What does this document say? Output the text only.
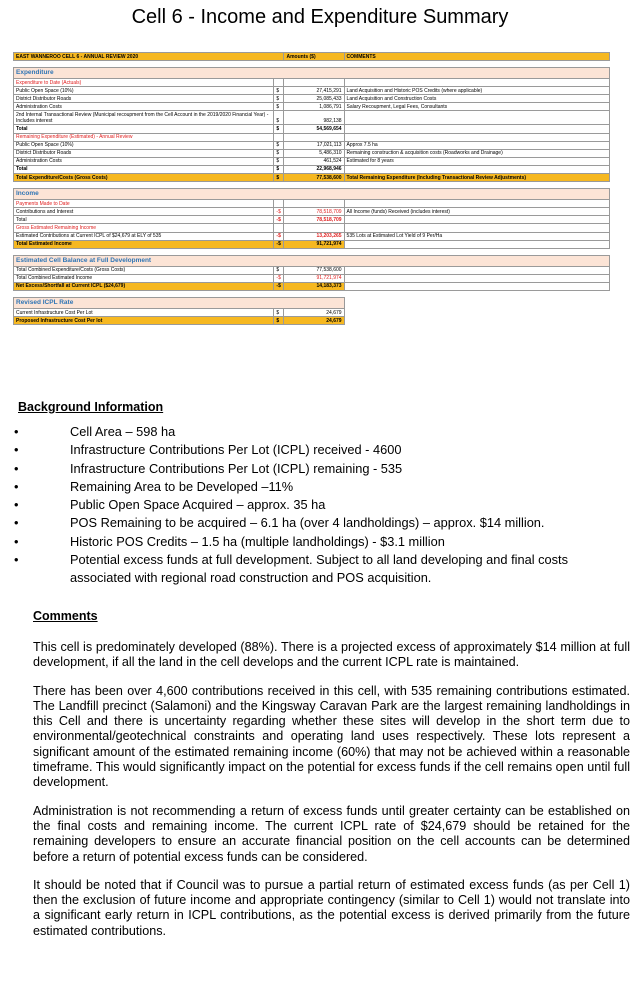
Cell 6 - Income and Expenditure Summary
EAST WANNEROO CELL 6 - ANNUAL REVIEW 2020		Amounts ($)	COMMENTS

Expenditure			
Expenditure to Date (Actuals)			
Public Open Space (10%)	$	27,415,291	Land Acquisition and Historic POS Credits (where applicable)
District Distributor Roads	$	25,085,433	Land Acquisition and Construction Costs
Administration Costs	$	1,086,791	Salary Recoupment, Legal Fees, Consultants
2nd Internal Transactional Review (Municipal recoupment from the Cell Account in the 2019/2020 Financial Year) - Includes interest	$	982,138	
Total	$	54,569,654	
Remaining Expenditure (Estimated) - Annual Review			
Public Open Space (10%)	$	17,021,113	Approx 7.5 ha
District Distributor Roads	$	5,486,310	Remaining construction & acquisition costs (Roadworks and Drainage)
Administration Costs	$	461,524	Estimated for 8 years
Total	$	22,968,946	
Total Expenditure/Costs (Gross Costs)	$	77,538,600	Total Remaining Expenditure (Including Transactional Review Adjustments)

Income			
Payments Made to Date			
Contributions and Interest	-$	78,518,709	All Income (funds) Received (includes interest)
Total	-$	78,518,709	
Gross Estimated Remaining Income			
Estimated Contributions at Current ICPL of $24,679 at ELY of 535	-$	13,203,265	535 Lots at Estimated Lot Yield of 9 Per/Ha
Total Estimated Income	-$	91,721,974	

Estimated Cell Balance at Full Development			
Total Combined Expenditure/Costs (Gross Costs)	$	77,538,600	
Total Combined Estimated Income	-$	91,721,974	
Net Excess/Shortfall at Current ICPL ($24,679)	-$	14,183,373	

Revised ICPL Rate			
Current Infrastructure Cost Per Lot	$	24,679	
Proposed Infrastructure Cost Per lot	$	24,679	
Background Information
•	Cell Area – 598 ha
•	Infrastructure Contributions Per Lot (ICPL) received - 4600
•	Infrastructure Contributions Per Lot (ICPL) remaining - 535
•	Remaining Area to be Developed –11%
•	Public Open Space Acquired – approx. 35 ha
•	POS Remaining to be acquired – 6.1 ha (over 4 landholdings) – approx. $14 million.
•	Historic POS Credits – 1.5 ha (multiple landholdings) - $3.1 million
•	Potential excess funds at full development. Subject to all land developing and final costs associated with regional road construction and POS acquisition.
Comments

This cell is predominately developed (88%). There is a projected excess of approximately $14 million at full development, if all the land in the cell develops and the current ICPL rate is maintained.

There has been over 4,600 contributions received in this cell, with 535 remaining contributions estimated. The Landfill precinct (Salamoni) and the Kingsway Caravan Park are the largest remaining landholdings in this Cell and there is uncertainty regarding whether these sites will develop in the short term due to environmental/geotechnical constraints and operating land uses respectively. These lots represent a significant amount of the estimated remaining income (60%) that may not be achieved within a reasonable timeframe. This would significantly impact on the potential for excess funds if the cell remains open until full development.

Administration is not recommending a return of excess funds until greater certainty can be established on the final costs and remaining income. The current ICPL rate of $24,679 should be retained for the remaining developers to ensure an accurate financial position on the cell accounts can be determined before a return of potential excess funds can be considered.

It should be noted that if Council was to pursue a partial return of estimated excess funds (as per Cell 1) then the exclusion of future income and appropriate contingency (similar to Cell 1) would not translate into a significant early return in ICPL contributions, as the potential excess is derived primarily from the future estimated contributions.
